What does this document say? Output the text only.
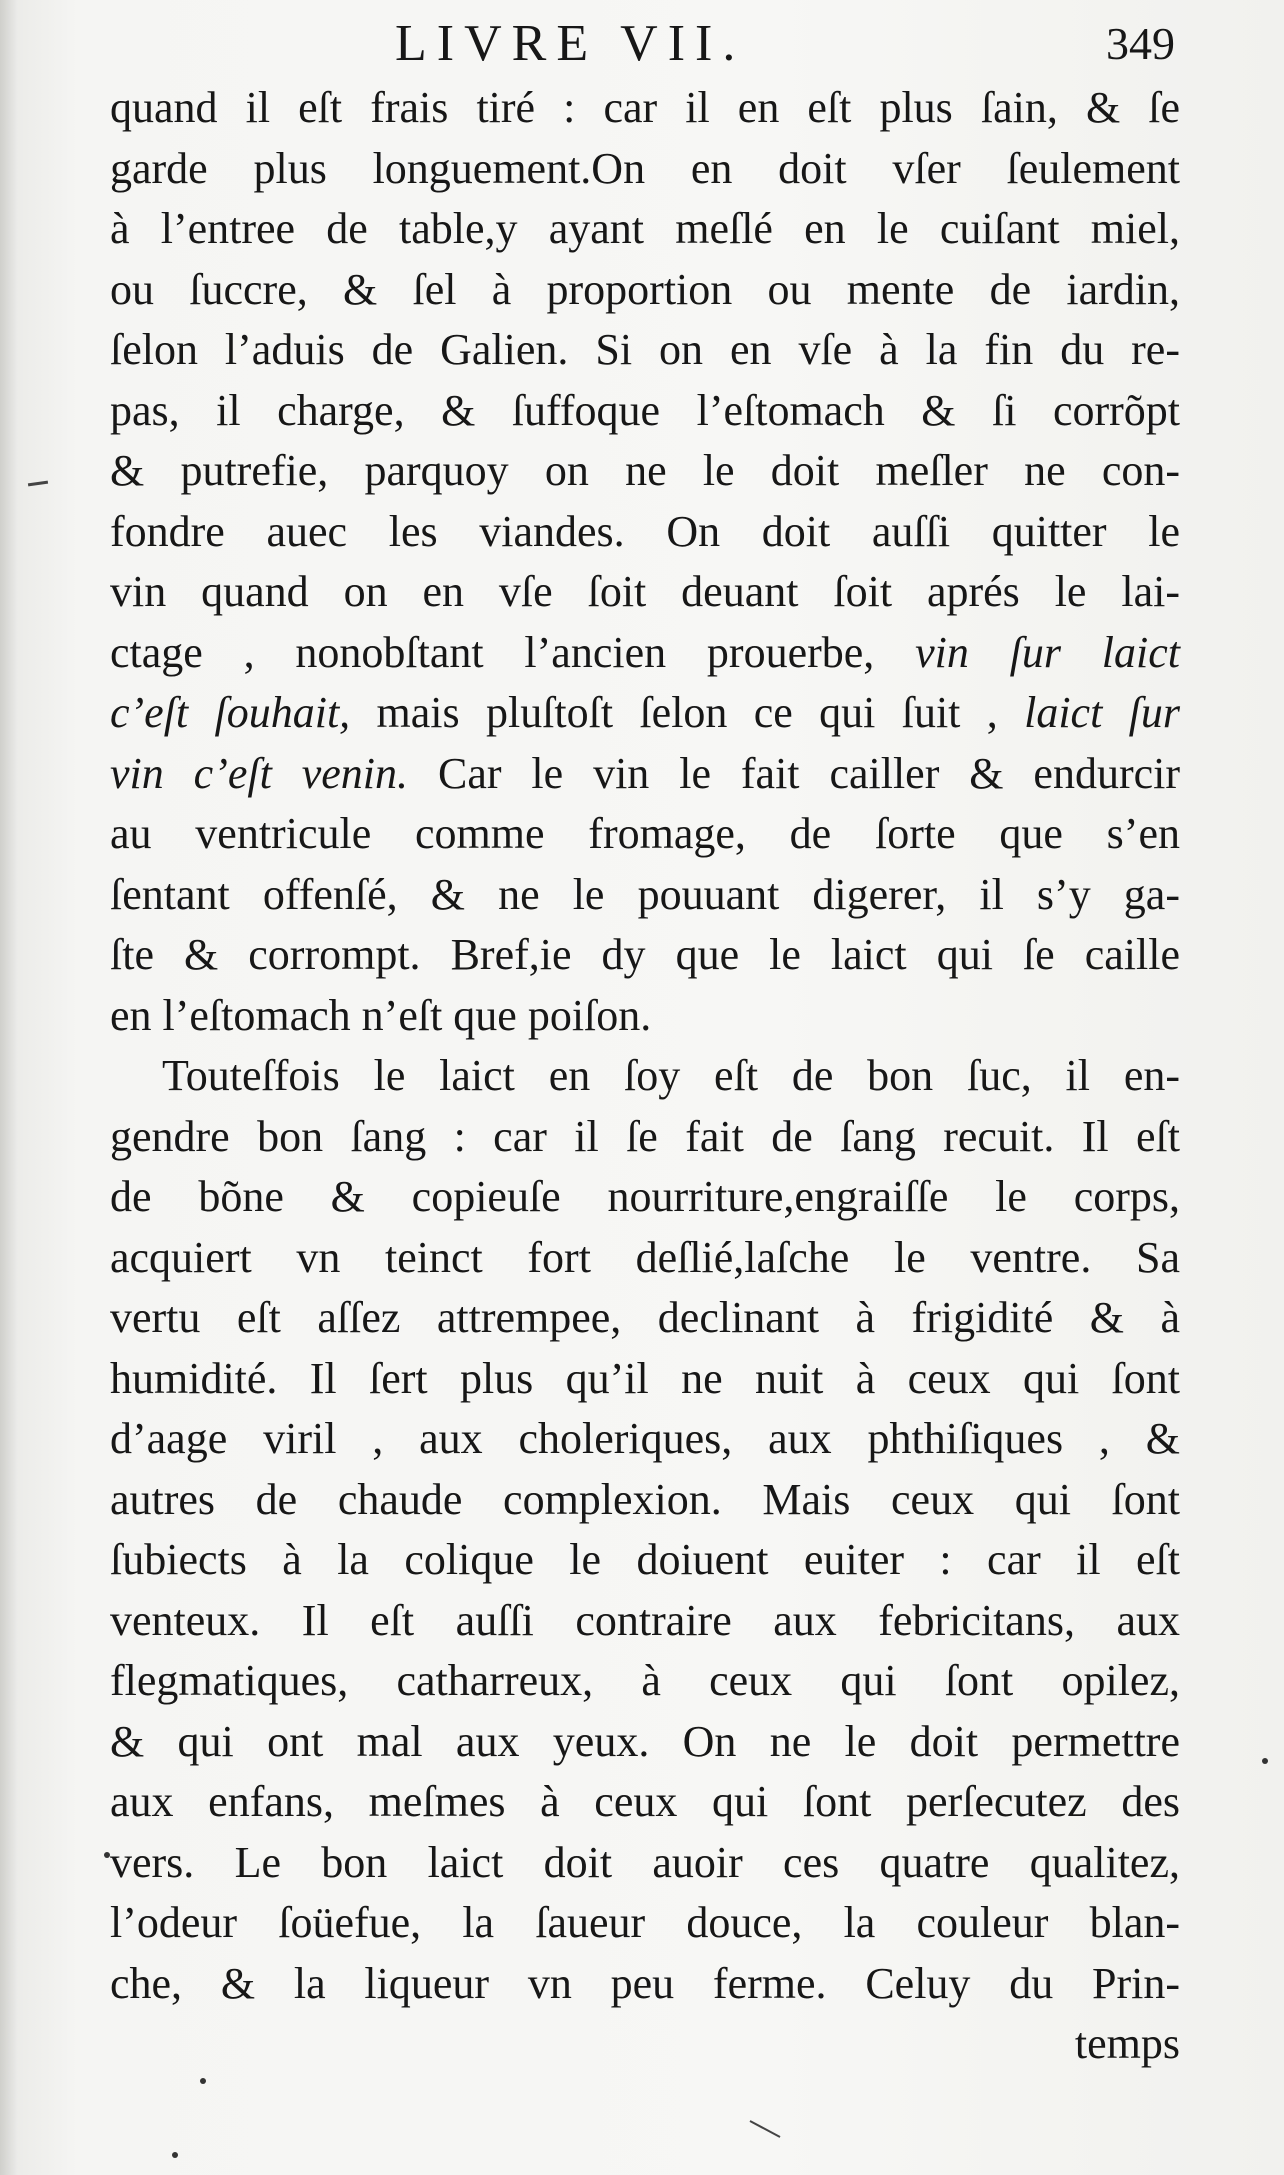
LIVRE VII.	349
quand il eſt frais tiré : car il en eſt plus ſain, & ſe
garde plus longuement.On en doit vſer ſeulement
à l’entree de table,y ayant meſlé en le cuiſant miel,
ou ſuccre, & ſel à proportion ou mente de iardin,
ſelon l’aduis de Galien. Si on en vſe à la fin du re-
pas, il charge, & ſuffoque l’eſtomach & ſi corrõpt
& putrefie, parquoy on ne le doit meſler ne con-
fondre auec les viandes. On doit auſſi quitter le
vin quand on en vſe ſoit deuant ſoit aprés le lai-
ctage , nonobſtant l’ancien prouerbe, vin ſur laict
c’eſt ſouhait, mais pluſtoſt ſelon ce qui ſuit , laict ſur
vin c’eſt venin. Car le vin le fait cailler & endurcir
au ventricule comme fromage, de ſorte que s’en
ſentant offenſé, & ne le pouuant digerer, il s’y ga-
ſte & corrompt. Bref,ie dy que le laict qui ſe caille
en l’eſtomach n’eſt que poiſon.
Touteſfois le laict en ſoy eſt de bon ſuc, il en-
gendre bon ſang : car il ſe fait de ſang recuit. Il eſt
de bõne & copieuſe nourriture,engraiſſe le corps,
acquiert vn teinct fort deſlié,laſche le ventre. Sa
vertu eſt aſſez attrempee, declinant à frigidité & à
humidité. Il ſert plus qu’il ne nuit à ceux qui ſont
d’aage viril , aux choleriques, aux phthiſiques , &
autres de chaude complexion. Mais ceux qui ſont
ſubiects à la colique le doiuent euiter : car il eſt
venteux. Il eſt auſſi contraire aux febricitans, aux
flegmatiques, catharreux, à ceux qui ſont opilez,
& qui ont mal aux yeux. On ne le doit permettre
aux enfans, meſmes à ceux qui ſont perſecutez des
vers. Le bon laict doit auoir ces quatre qualitez,
l’odeur ſoüefue, la ſaueur douce, la couleur blan-
che, & la liqueur vn peu ferme. Celuy du Prin-
temps
